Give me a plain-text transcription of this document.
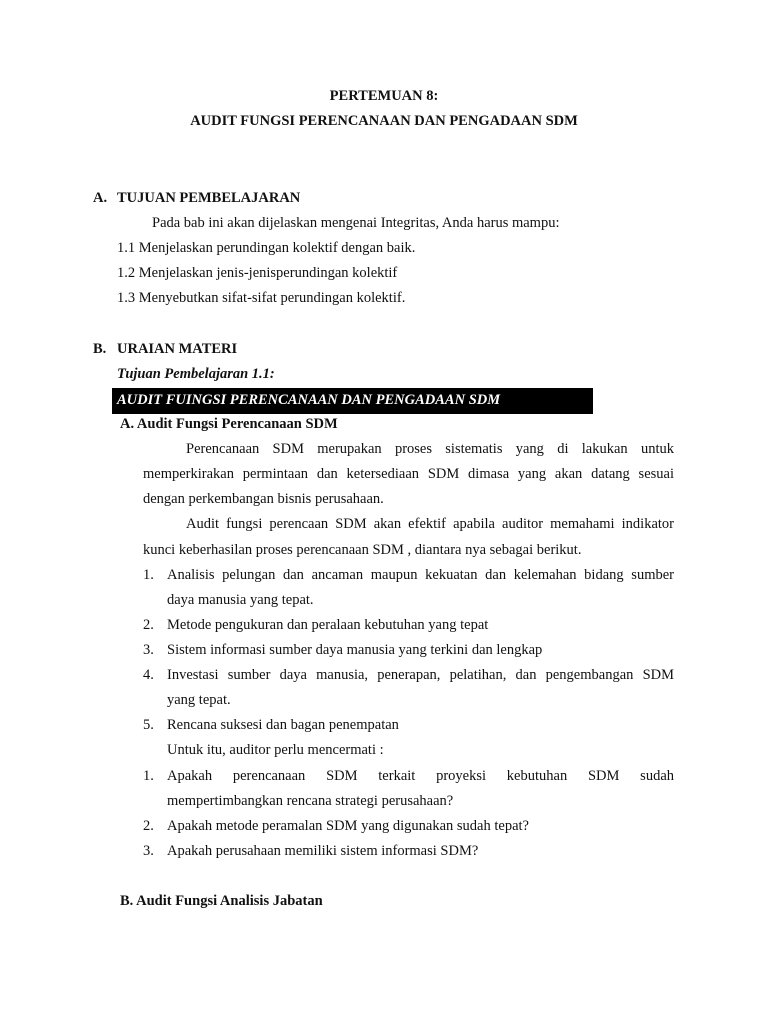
PERTEMUAN 8:
AUDIT FUNGSI PERENCANAAN DAN PENGADAAN SDM
A. TUJUAN PEMBELAJARAN
Pada bab ini akan dijelaskan mengenai Integritas, Anda harus mampu:
1.1 Menjelaskan perundingan kolektif dengan baik.
1.2 Menjelaskan jenis-jenisperundingan kolektif
1.3 Menyebutkan sifat-sifat perundingan kolektif.
B. URAIAN MATERI
Tujuan Pembelajaran 1.1:
AUDIT FUINGSI PERENCANAAN DAN PENGADAAN SDM
A. Audit Fungsi Perencanaan SDM
Perencanaan SDM merupakan proses sistematis yang di lakukan untuk
memperkirakan permintaan dan ketersediaan SDM dimasa yang akan datang sesuai
dengan perkembangan bisnis perusahaan.
Audit fungsi perencaan SDM akan efektif apabila auditor memahami indikator
kunci keberhasilan proses perencanaan SDM , diantara nya sebagai berikut.
1. Analisis pelungan dan ancaman maupun kekuatan dan kelemahan bidang sumber
daya manusia yang tepat.
2. Metode pengukuran dan peralaan kebutuhan yang tepat
3. Sistem informasi sumber daya manusia yang terkini dan lengkap
4. Investasi sumber daya manusia, penerapan, pelatihan, dan pengembangan SDM
yang tepat.
5. Rencana suksesi dan bagan penempatan
Untuk itu, auditor perlu mencermati :
1. Apakah perencanaan SDM terkait proyeksi kebutuhan SDM sudah
mempertimbangkan rencana strategi perusahaan?
2. Apakah metode peramalan SDM yang digunakan sudah tepat?
3. Apakah perusahaan memiliki sistem informasi SDM?
B. Audit Fungsi Analisis Jabatan
